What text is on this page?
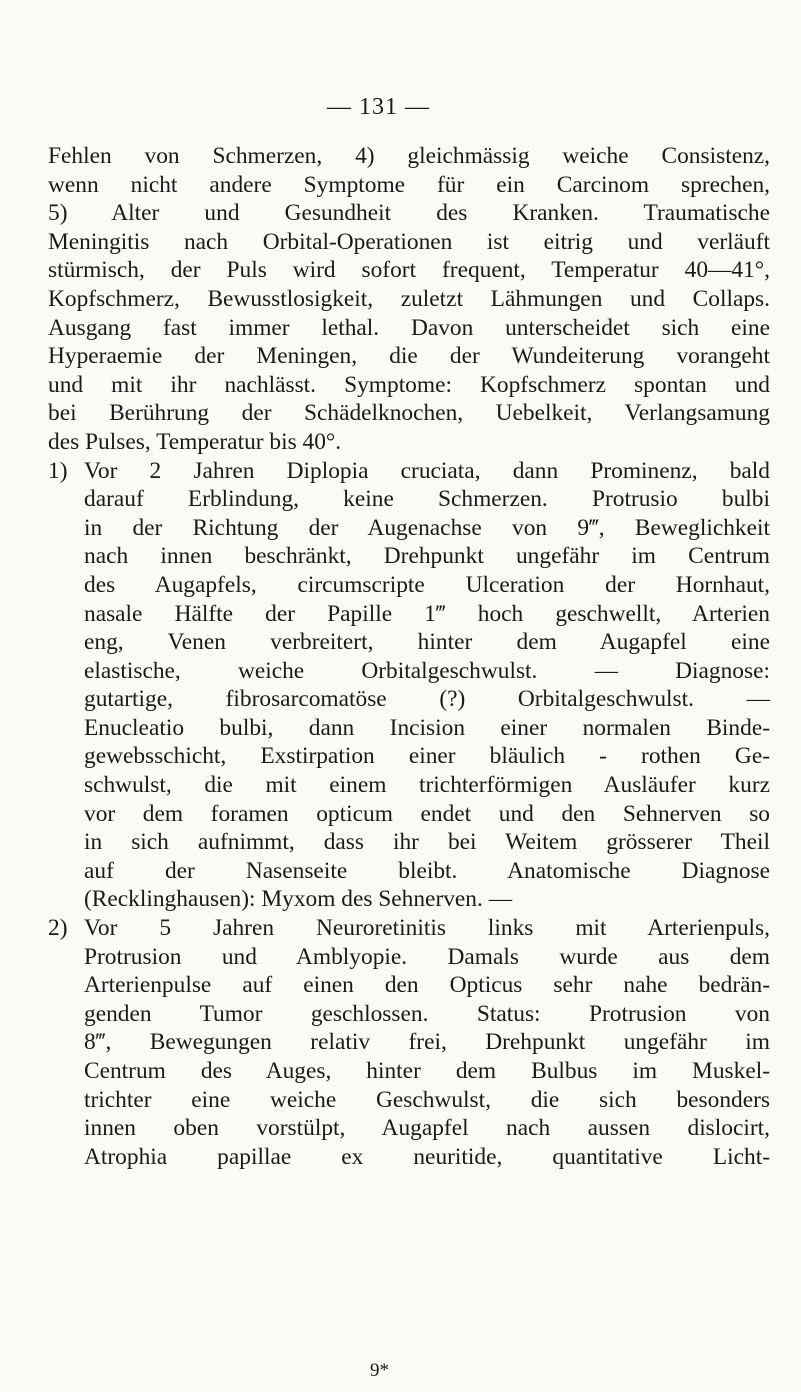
— 131 —
Fehlen von Schmerzen, 4) gleichmässig weiche Consistenz,
wenn nicht andere Symptome für ein Carcinom sprechen,
5) Alter und Gesundheit des Kranken. Traumatische
Meningitis nach Orbital-Operationen ist eitrig und verläuft
stürmisch, der Puls wird sofort frequent, Temperatur 40—41°,
Kopfschmerz, Bewusstlosigkeit, zuletzt Lähmungen und Collaps.
Ausgang fast immer lethal. Davon unterscheidet sich eine
Hyperaemie der Meningen, die der Wundeiterung vorangeht
und mit ihr nachlässt. Symptome: Kopfschmerz spontan und
bei Berührung der Schädelknochen, Uebelkeit, Verlangsamung
des Pulses, Temperatur bis 40°.
1) Vor 2 Jahren Diplopia cruciata, dann Prominenz, bald
darauf Erblindung, keine Schmerzen. Protrusio bulbi
in der Richtung der Augenachse von 9‴, Beweglichkeit
nach innen beschränkt, Drehpunkt ungefähr im Centrum
des Augapfels, circumscripte Ulceration der Hornhaut,
nasale Hälfte der Papille 1‴ hoch geschwellt, Arterien
eng, Venen verbreitert, hinter dem Augapfel eine
elastische, weiche Orbitalgeschwulst. — Diagnose:
gutartige, fibrosarcomatöse (?) Orbitalgeschwulst. —
Enucleatio bulbi, dann Incision einer normalen Binde-
gewebsschicht, Exstirpation einer bläulich - rothen Ge-
schwulst, die mit einem trichterförmigen Ausläufer kurz
vor dem foramen opticum endet und den Sehnerven so
in sich aufnimmt, dass ihr bei Weitem grösserer Theil
auf der Nasenseite bleibt. Anatomische Diagnose
(Recklinghausen): Myxom des Sehnerven. —
2) Vor 5 Jahren Neuroretinitis links mit Arterienpuls,
Protrusion und Amblyopie. Damals wurde aus dem
Arterienpulse auf einen den Opticus sehr nahe bedrän-
genden Tumor geschlossen. Status: Protrusion von
8‴, Bewegungen relativ frei, Drehpunkt ungefähr im
Centrum des Auges, hinter dem Bulbus im Muskel-
trichter eine weiche Geschwulst, die sich besonders
innen oben vorstülpt, Augapfel nach aussen dislocirt,
Atrophia papillae ex neuritide, quantitative Licht-
9*
